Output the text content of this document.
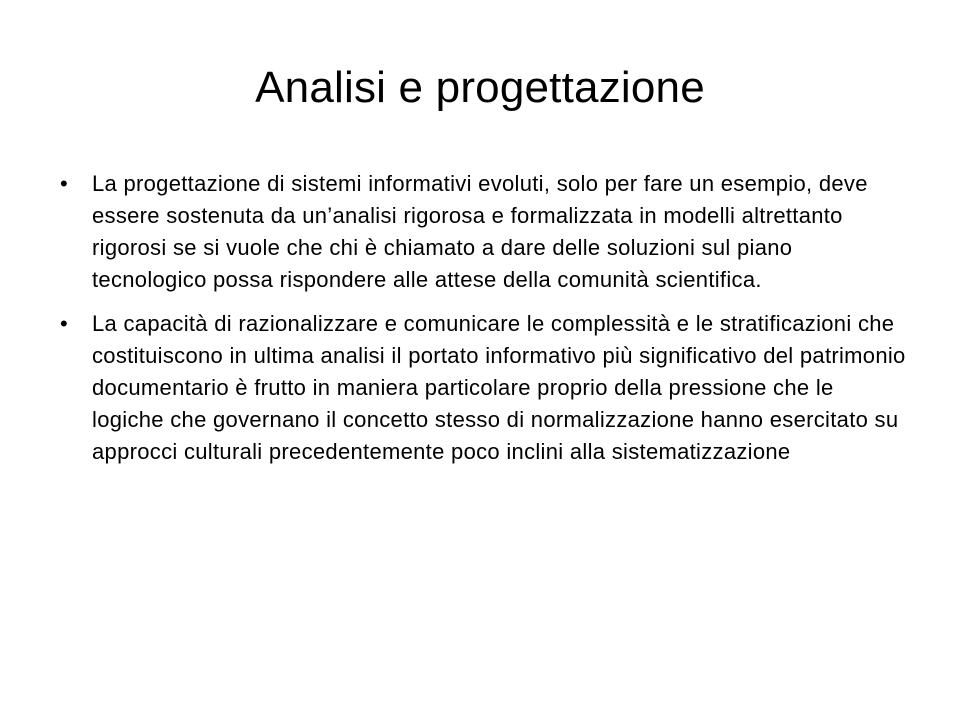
Analisi e progettazione
• La progettazione di sistemi informativi evoluti, solo per fare un esempio, deve essere sostenuta da un’analisi rigorosa e formalizzata in modelli altrettanto rigorosi se si vuole che chi è chiamato a dare delle soluzioni sul piano tecnologico possa rispondere alle attese della comunità scientifica.
• La capacità di razionalizzare e comunicare le complessità e le stratificazioni che costituiscono in ultima analisi il portato informativo più significativo del patrimonio documentario è frutto in maniera particolare proprio della pressione che le logiche che governano il concetto stesso di normalizzazione hanno esercitato su approcci culturali precedentemente poco inclini alla sistematizzazione
